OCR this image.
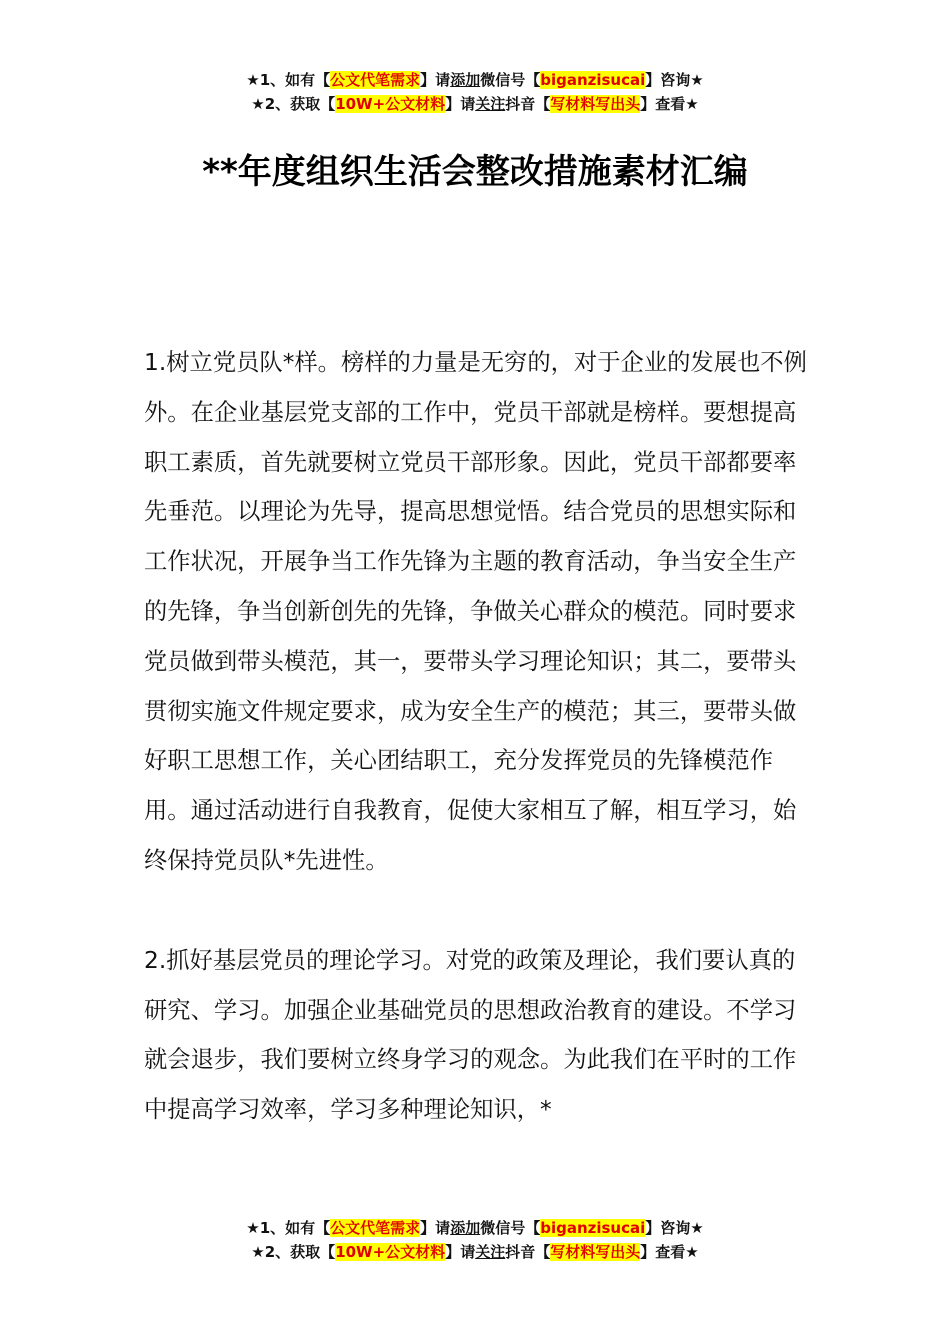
★1、如有【公文代笔需求】请添加微信号【biganzisucai】咨询★
★2、获取【10W+公文材料】请关注抖音【写材料写出头】查看★
**年度组织生活会整改措施素材汇编

1.树立党员队*样。榜样的力量是无穷的，对于企业的发展也不例外。在企业基层党支部的工作中，党员干部就是榜样。要想提高职工素质，首先就要树立党员干部形象。因此，党员干部都要率先垂范。以理论为先导，提高思想觉悟。结合党员的思想实际和工作状况，开展争当工作先锋为主题的教育活动，争当安全生产的先锋，争当创新创先的先锋，争做关心群众的模范。同时要求党员做到带头模范，其一，要带头学习理论知识；其二，要带头贯彻实施文件规定要求，成为安全生产的模范；其三，要带头做好职工思想工作，关心团结职工，充分发挥党员的先锋模范作用。通过活动进行自我教育，促使大家相互了解，相互学习，始终保持党员队*先进性。

2.抓好基层党员的理论学习。对党的政策及理论，我们要认真的研究、学习。加强企业基础党员的思想政治教育的建设。不学习就会退步，我们要树立终身学习的观念。为此我们在平时的工作中提高学习效率，学习多种理论知识，*

★1、如有【公文代笔需求】请添加微信号【biganzisucai】咨询★
★2、获取【10W+公文材料】请关注抖音【写材料写出头】查看★
